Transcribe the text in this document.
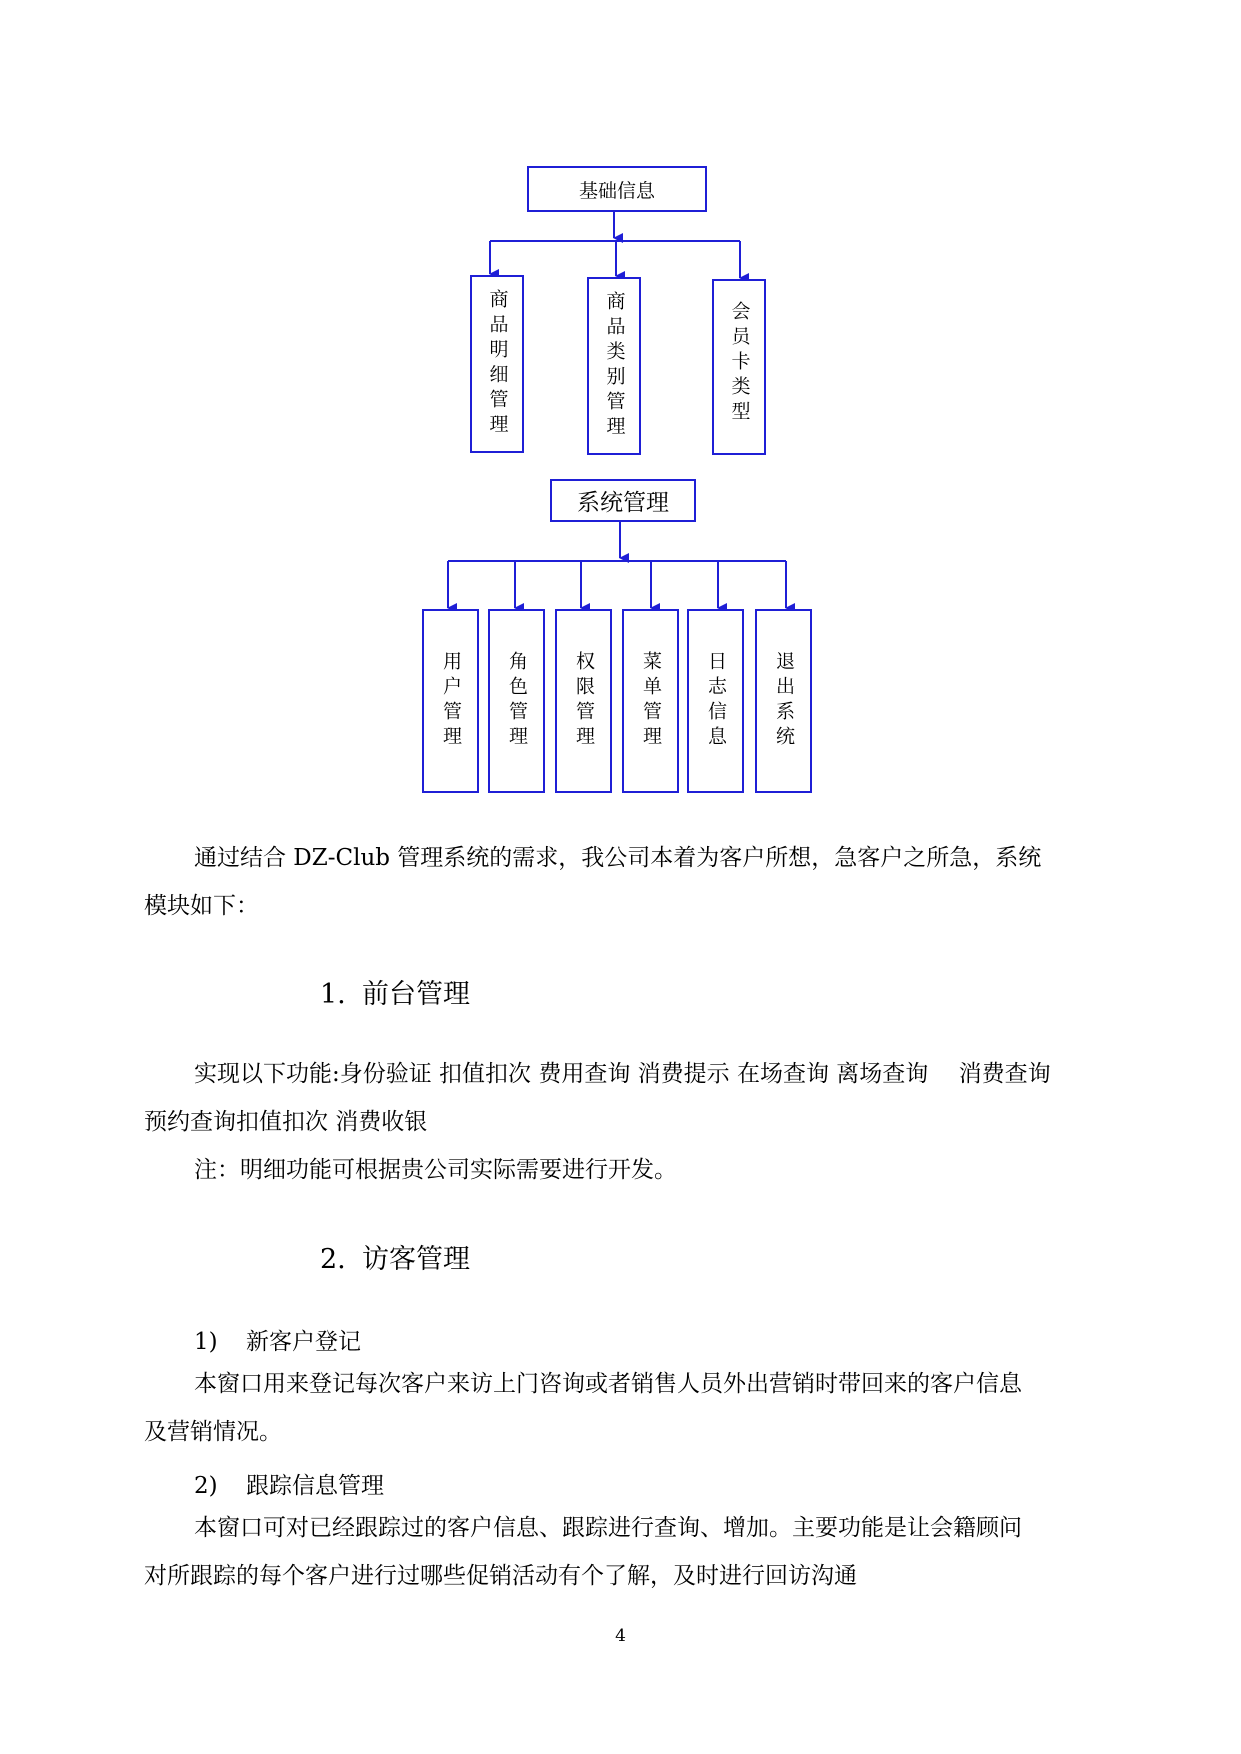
基础信息
商品明细管理	商品类别管理	会员卡类型
系统管理
用户管理 角色管理 权限管理 菜单管理 日志信息 退出系统
通过结合 DZ-Club 管理系统的需求，我公司本着为客户所想，急客户之所急，系统
模块如下：
1. 前台管理
实现以下功能:身份验证 扣值扣次 费用查询 消费提示 在场查询 离场查询　 消费查询
预约查询扣值扣次 消费收银
注：明细功能可根据贵公司实际需要进行开发。
2. 访客管理
1) 新客户登记
本窗口用来登记每次客户来访上门咨询或者销售人员外出营销时带回来的客户信息
及营销情况。
2) 跟踪信息管理
本窗口可对已经跟踪过的客户信息、跟踪进行查询、增加。主要功能是让会籍顾问
对所跟踪的每个客户进行过哪些促销活动有个了解，及时进行回访沟通
4
